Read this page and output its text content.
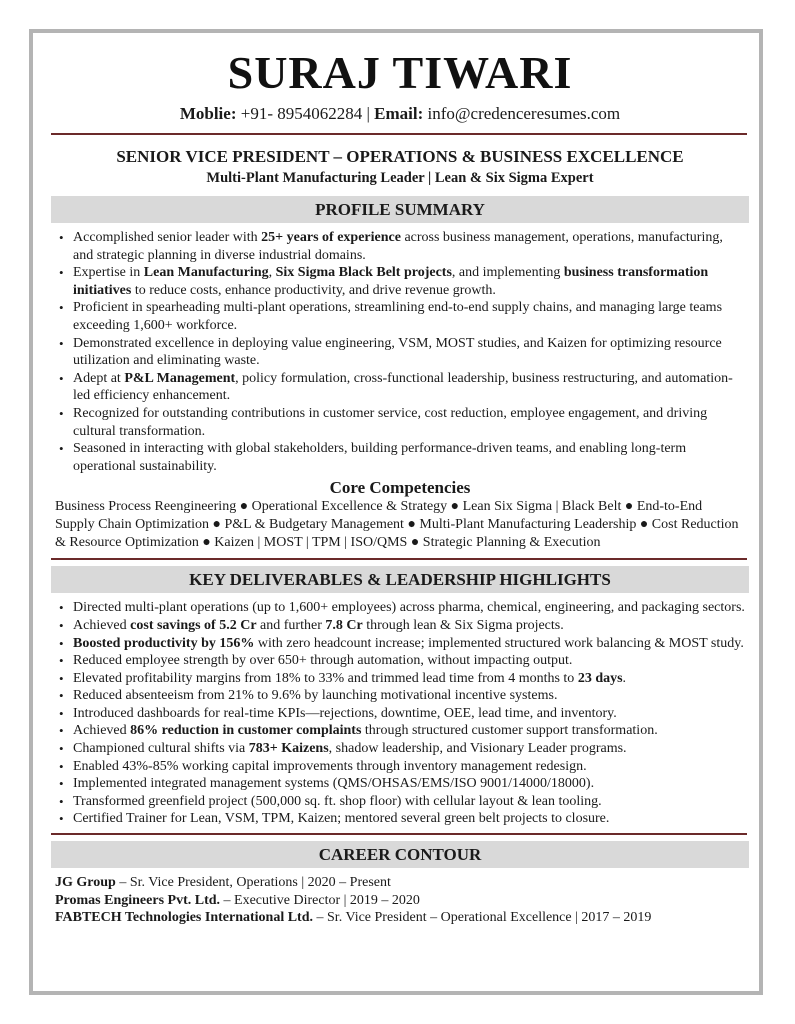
SURAJ TIWARI
Moblie: +91- 8954062284 | Email: info@credenceresumes.com
SENIOR VICE PRESIDENT – OPERATIONS & BUSINESS EXCELLENCE
Multi-Plant Manufacturing Leader | Lean & Six Sigma Expert
PROFILE SUMMARY
• Accomplished senior leader with 25+ years of experience across business management, operations, manufacturing, and strategic planning in diverse industrial domains.
• Expertise in Lean Manufacturing, Six Sigma Black Belt projects, and implementing business transformation initiatives to reduce costs, enhance productivity, and drive revenue growth.
• Proficient in spearheading multi-plant operations, streamlining end-to-end supply chains, and managing large teams exceeding 1,600+ workforce.
• Demonstrated excellence in deploying value engineering, VSM, MOST studies, and Kaizen for optimizing resource utilization and eliminating waste.
• Adept at P&L Management, policy formulation, cross-functional leadership, business restructuring, and automation-led efficiency enhancement.
• Recognized for outstanding contributions in customer service, cost reduction, employee engagement, and driving cultural transformation.
• Seasoned in interacting with global stakeholders, building performance-driven teams, and enabling long-term operational sustainability.
Core Competencies
Business Process Reengineering ● Operational Excellence & Strategy ● Lean Six Sigma | Black Belt ● End-to-End Supply Chain Optimization ● P&L & Budgetary Management ● Multi-Plant Manufacturing Leadership ● Cost Reduction & Resource Optimization ● Kaizen | MOST | TPM | ISO/QMS ● Strategic Planning & Execution
KEY DELIVERABLES & LEADERSHIP HIGHLIGHTS
• Directed multi-plant operations (up to 1,600+ employees) across pharma, chemical, engineering, and packaging sectors.
• Achieved cost savings of 5.2 Cr and further 7.8 Cr through lean & Six Sigma projects.
• Boosted productivity by 156% with zero headcount increase; implemented structured work balancing & MOST study.
• Reduced employee strength by over 650+ through automation, without impacting output.
• Elevated profitability margins from 18% to 33% and trimmed lead time from 4 months to 23 days.
• Reduced absenteeism from 21% to 9.6% by launching motivational incentive systems.
• Introduced dashboards for real-time KPIs—rejections, downtime, OEE, lead time, and inventory.
• Achieved 86% reduction in customer complaints through structured customer support transformation.
• Championed cultural shifts via 783+ Kaizens, shadow leadership, and Visionary Leader programs.
• Enabled 43%-85% working capital improvements through inventory management redesign.
• Implemented integrated management systems (QMS/OHSAS/EMS/ISO 9001/14000/18000).
• Transformed greenfield project (500,000 sq. ft. shop floor) with cellular layout & lean tooling.
• Certified Trainer for Lean, VSM, TPM, Kaizen; mentored several green belt projects to closure.
CAREER CONTOUR

JG Group – Sr. Vice President, Operations | 2020 – Present

Promas Engineers Pvt. Ltd. – Executive Director | 2019 – 2020

FABTECH Technologies International Ltd. – Sr. Vice President – Operational Excellence | 2017 – 2019
